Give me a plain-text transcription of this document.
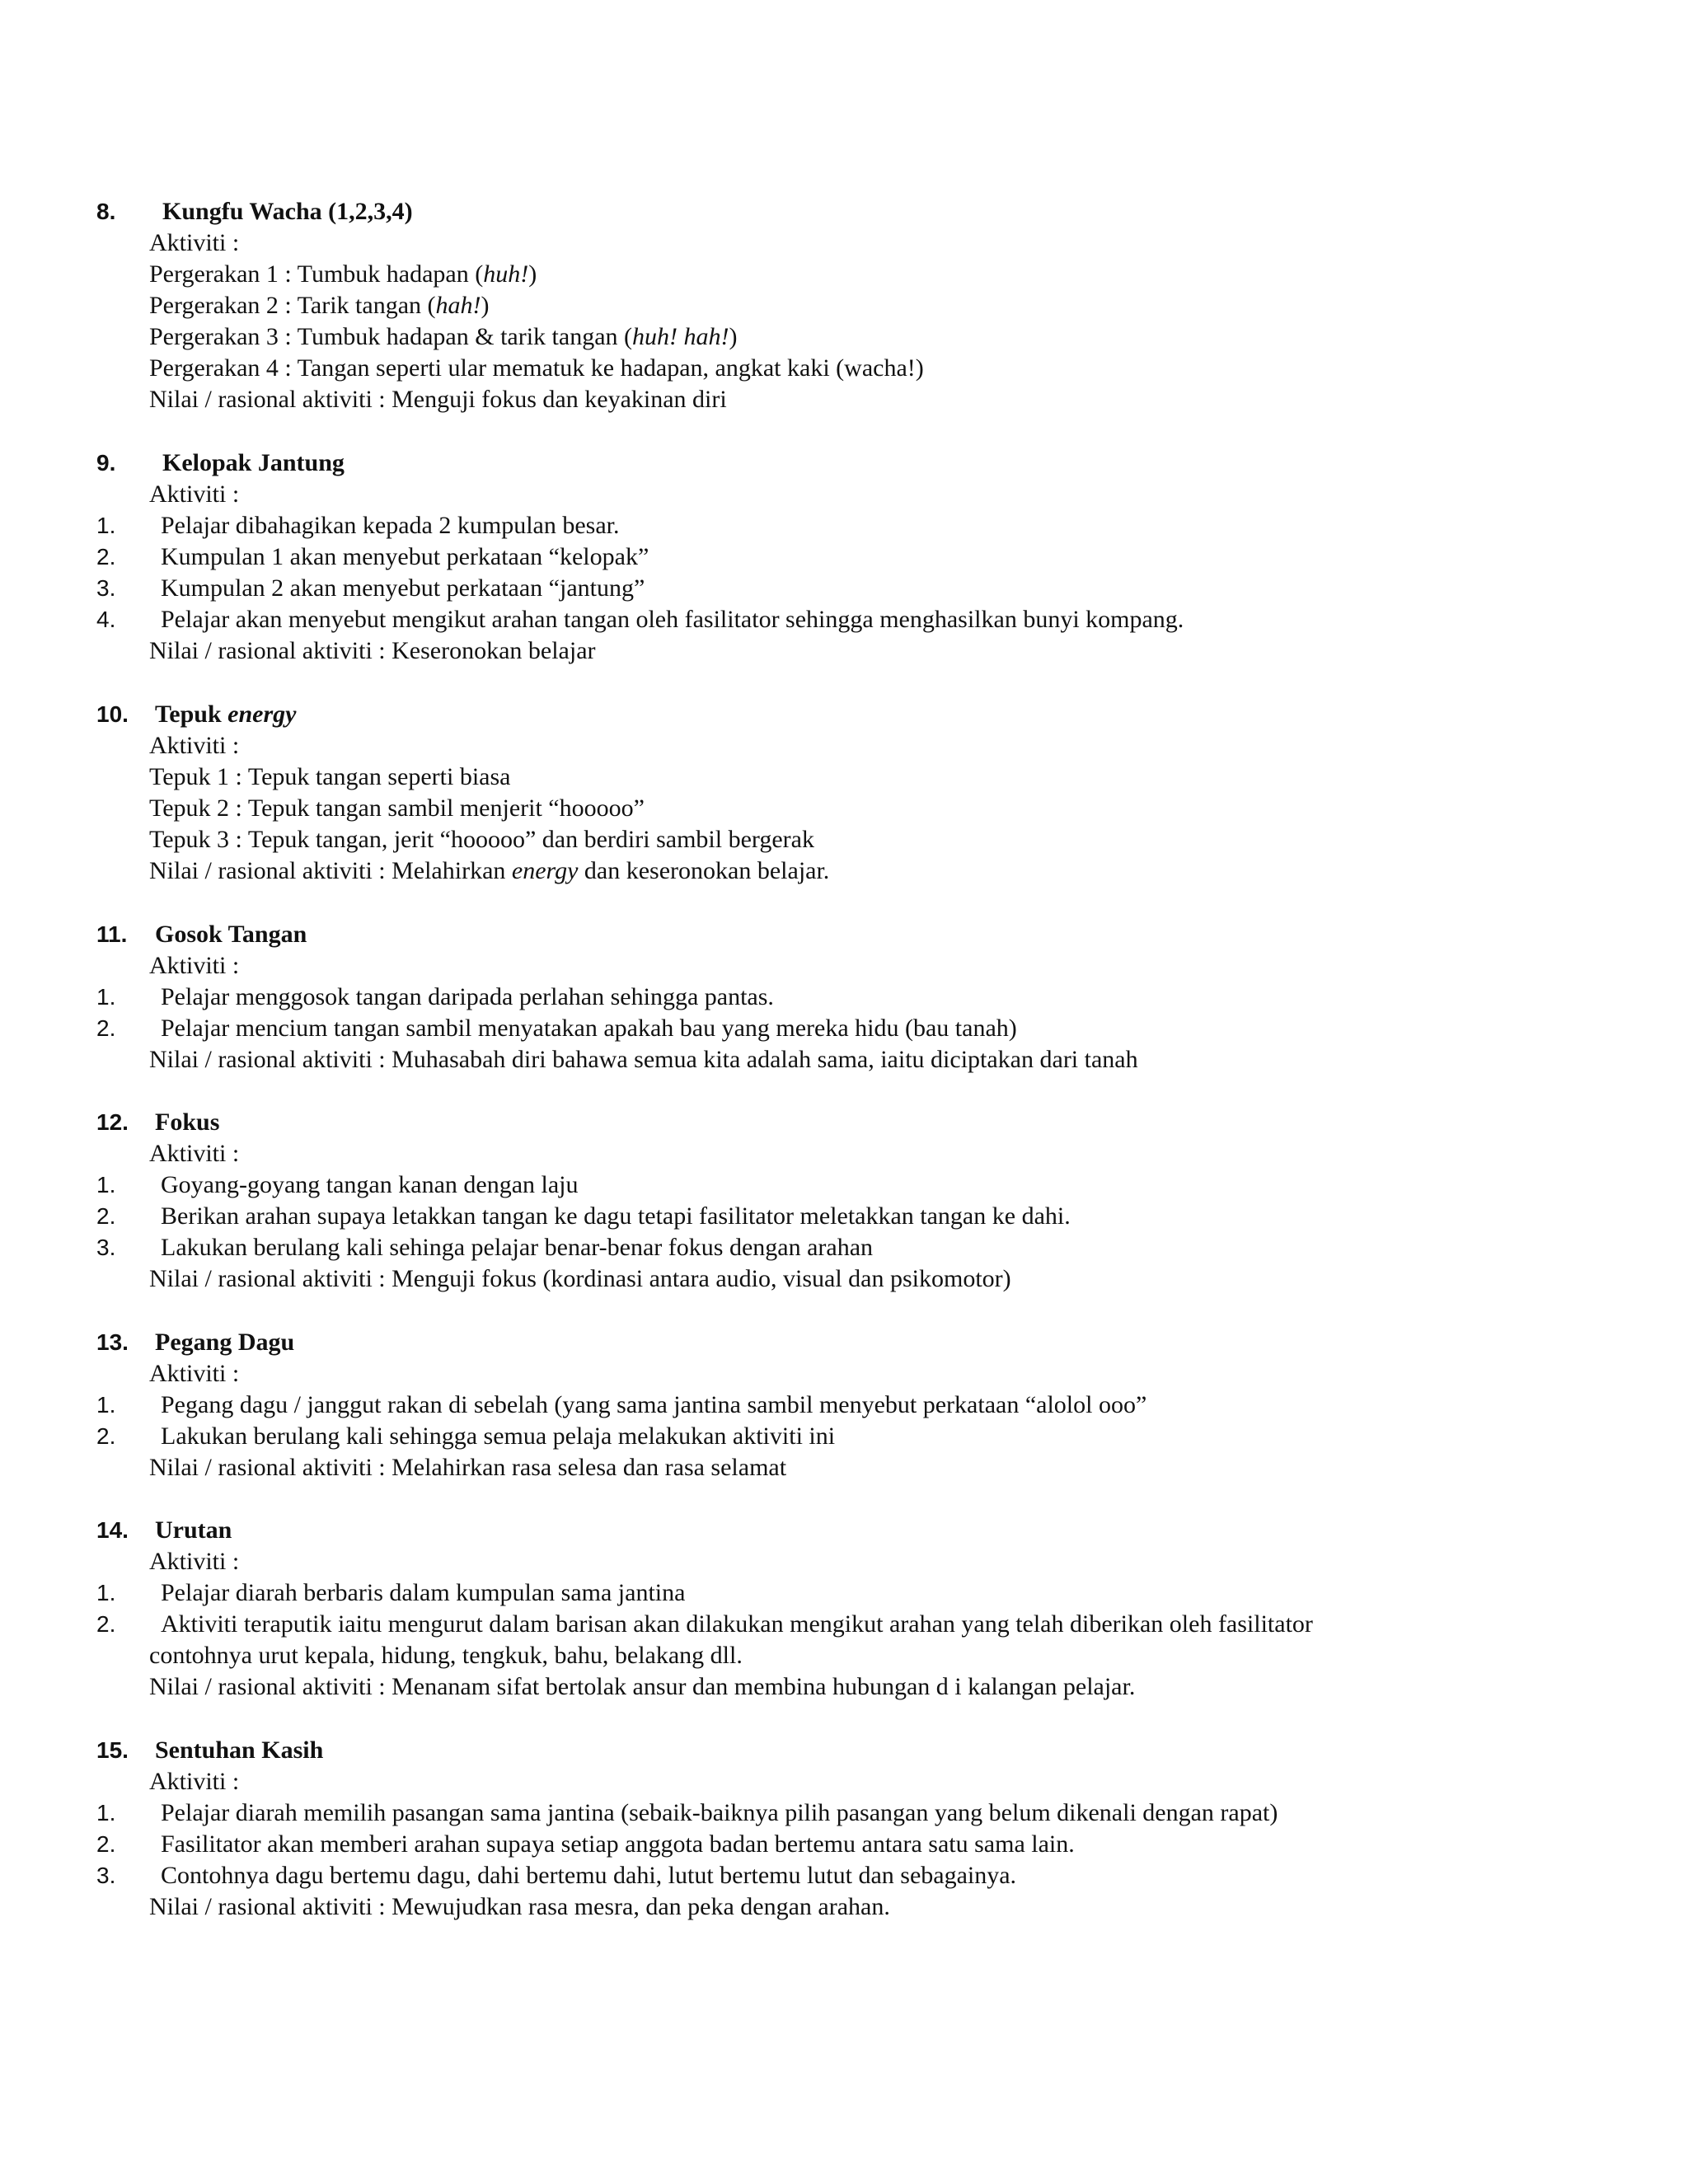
8. Kungfu Wacha (1,2,3,4)
Aktiviti :
Pergerakan 1 : Tumbuk hadapan (huh!)
Pergerakan 2 : Tarik tangan (hah!)
Pergerakan 3 : Tumbuk hadapan & tarik tangan (huh! hah!)
Pergerakan 4 : Tangan seperti ular mematuk ke hadapan, angkat kaki (wacha!)
Nilai / rasional aktiviti : Menguji fokus dan keyakinan diri
9. Kelopak Jantung
Aktiviti :
1. Pelajar dibahagikan kepada 2 kumpulan besar.
2. Kumpulan 1 akan menyebut perkataan “kelopak”
3. Kumpulan 2 akan menyebut perkataan “jantung”
4. Pelajar akan menyebut mengikut arahan tangan oleh fasilitator sehingga menghasilkan bunyi kompang.
Nilai / rasional aktiviti : Keseronokan belajar
10. Tepuk energy
Aktiviti :
Tepuk 1 : Tepuk tangan seperti biasa
Tepuk 2 : Tepuk tangan sambil menjerit “hooooo”
Tepuk 3 : Tepuk tangan, jerit “hooooo” dan berdiri sambil bergerak
Nilai / rasional aktiviti : Melahirkan energy dan keseronokan belajar.
11. Gosok Tangan
Aktiviti :
1. Pelajar menggosok tangan daripada perlahan sehingga pantas.
2. Pelajar mencium tangan sambil menyatakan apakah bau yang mereka hidu (bau tanah)
Nilai / rasional aktiviti : Muhasabah diri bahawa semua kita adalah sama, iaitu diciptakan dari tanah
12. Fokus
Aktiviti :
1. Goyang-goyang tangan kanan dengan laju
2. Berikan arahan supaya letakkan tangan ke dagu tetapi fasilitator meletakkan tangan ke dahi.
3. Lakukan berulang kali sehinga pelajar benar-benar fokus dengan arahan
Nilai / rasional aktiviti : Menguji fokus (kordinasi antara audio, visual dan psikomotor)
13. Pegang Dagu
Aktiviti :
1. Pegang dagu / janggut rakan di sebelah (yang sama jantina sambil menyebut perkataan “alolol ooo”
2. Lakukan berulang kali sehingga semua pelaja melakukan aktiviti ini
Nilai / rasional aktiviti : Melahirkan rasa selesa dan rasa selamat
14. Urutan
Aktiviti :
1. Pelajar diarah berbaris dalam kumpulan sama jantina
2. Aktiviti teraputik iaitu mengurut dalam barisan akan dilakukan mengikut arahan yang telah diberikan oleh fasilitator
contohnya urut kepala, hidung, tengkuk, bahu, belakang dll.
Nilai / rasional aktiviti : Menanam sifat bertolak ansur dan membina hubungan d i kalangan pelajar.
15. Sentuhan Kasih
Aktiviti :
1. Pelajar diarah memilih pasangan sama jantina (sebaik-baiknya pilih pasangan yang belum dikenali dengan rapat)
2. Fasilitator akan memberi arahan supaya setiap anggota badan bertemu antara satu sama lain.
3. Contohnya dagu bertemu dagu, dahi bertemu dahi, lutut bertemu lutut dan sebagainya.
Nilai / rasional aktiviti : Mewujudkan rasa mesra, dan peka dengan arahan.
